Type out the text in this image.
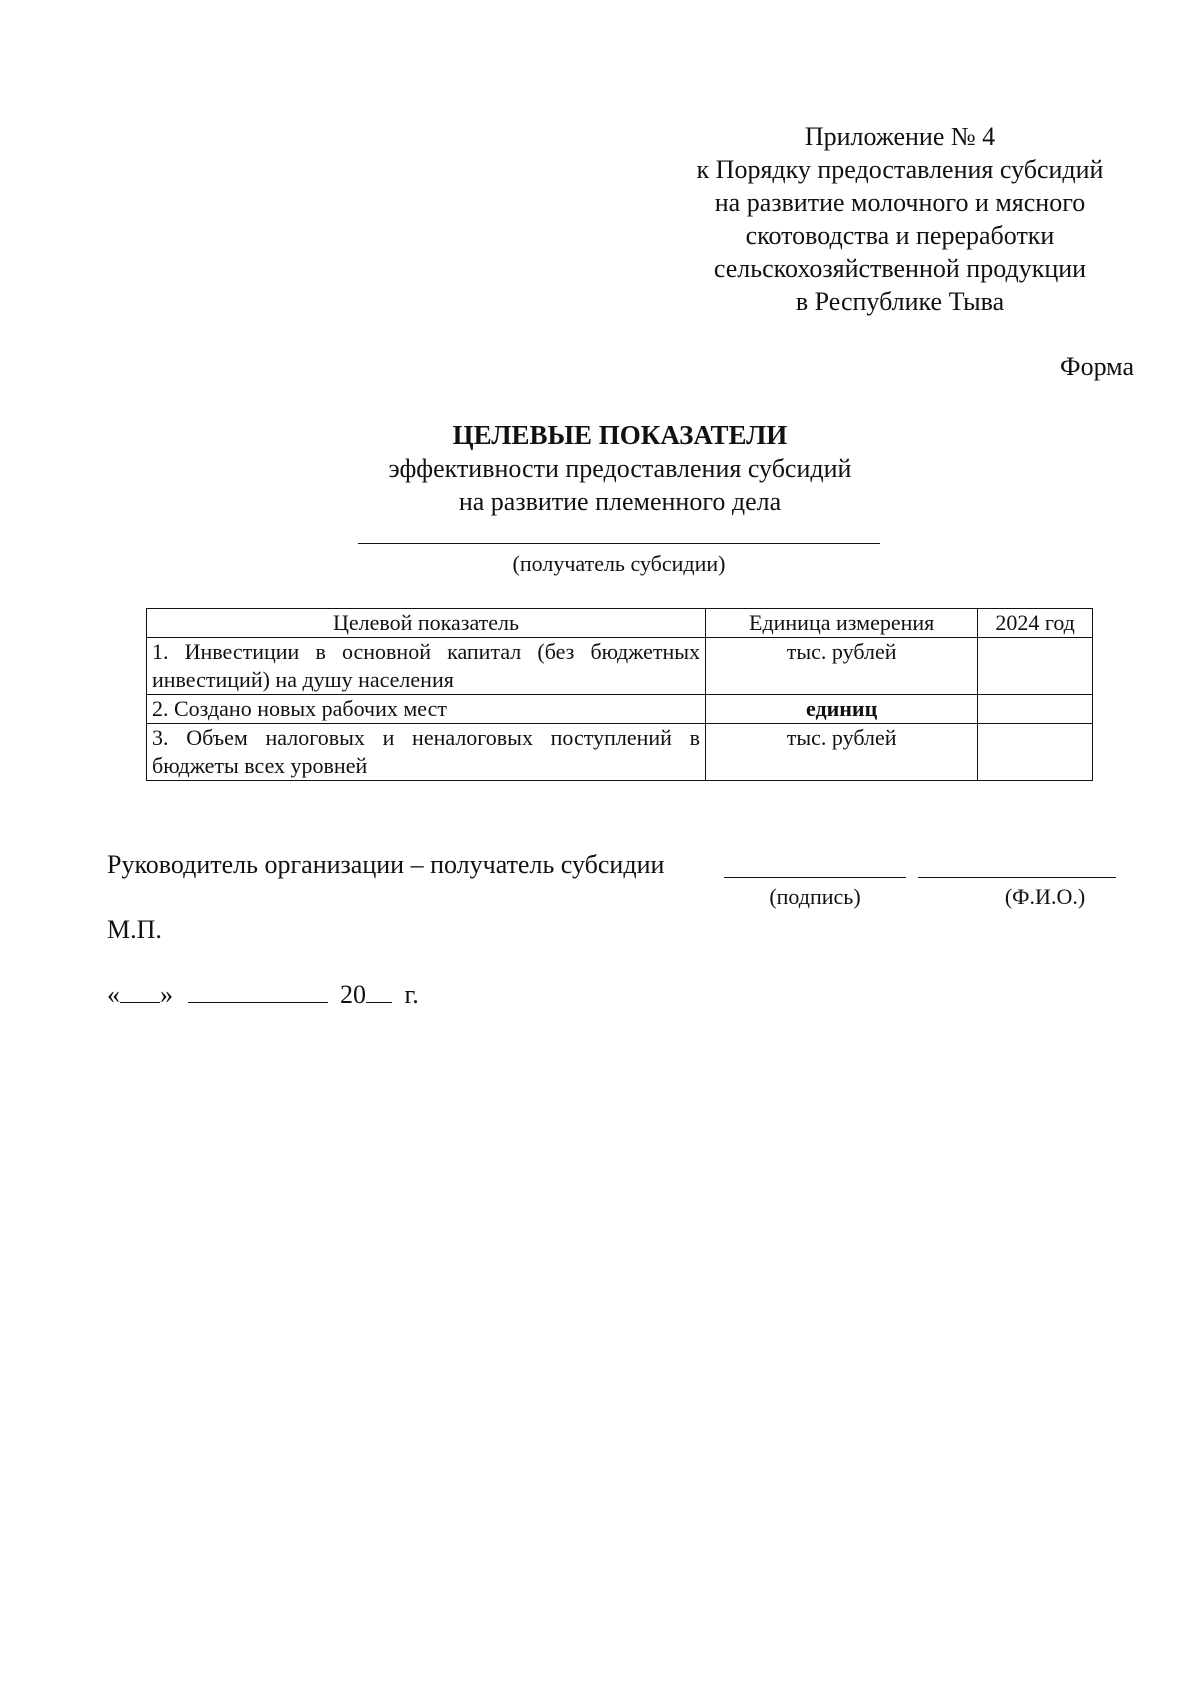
Приложение № 4
к Порядку предоставления субсидий
на развитие молочного и мясного
скотоводства и переработки
сельскохозяйственной продукции
в Республике Тыва
Форма
ЦЕЛЕВЫЕ ПОКАЗАТЕЛИ
эффективности предоставления субсидий
на развитие племенного дела
(получатель субсидии)
Целевой показатель	Единица измерения	2024 год
1. Инвестиции в основной капитал (без бюджетных инвестиций) на душу населения	тыс. рублей	
2. Создано новых рабочих мест	единиц	
3. Объем налоговых и неналоговых поступлений в бюджеты всех уровней	тыс. рублей	
Руководитель организации – получатель субсидии
(подпись)	(Ф.И.О.)
М.П.
« »	20 г.
